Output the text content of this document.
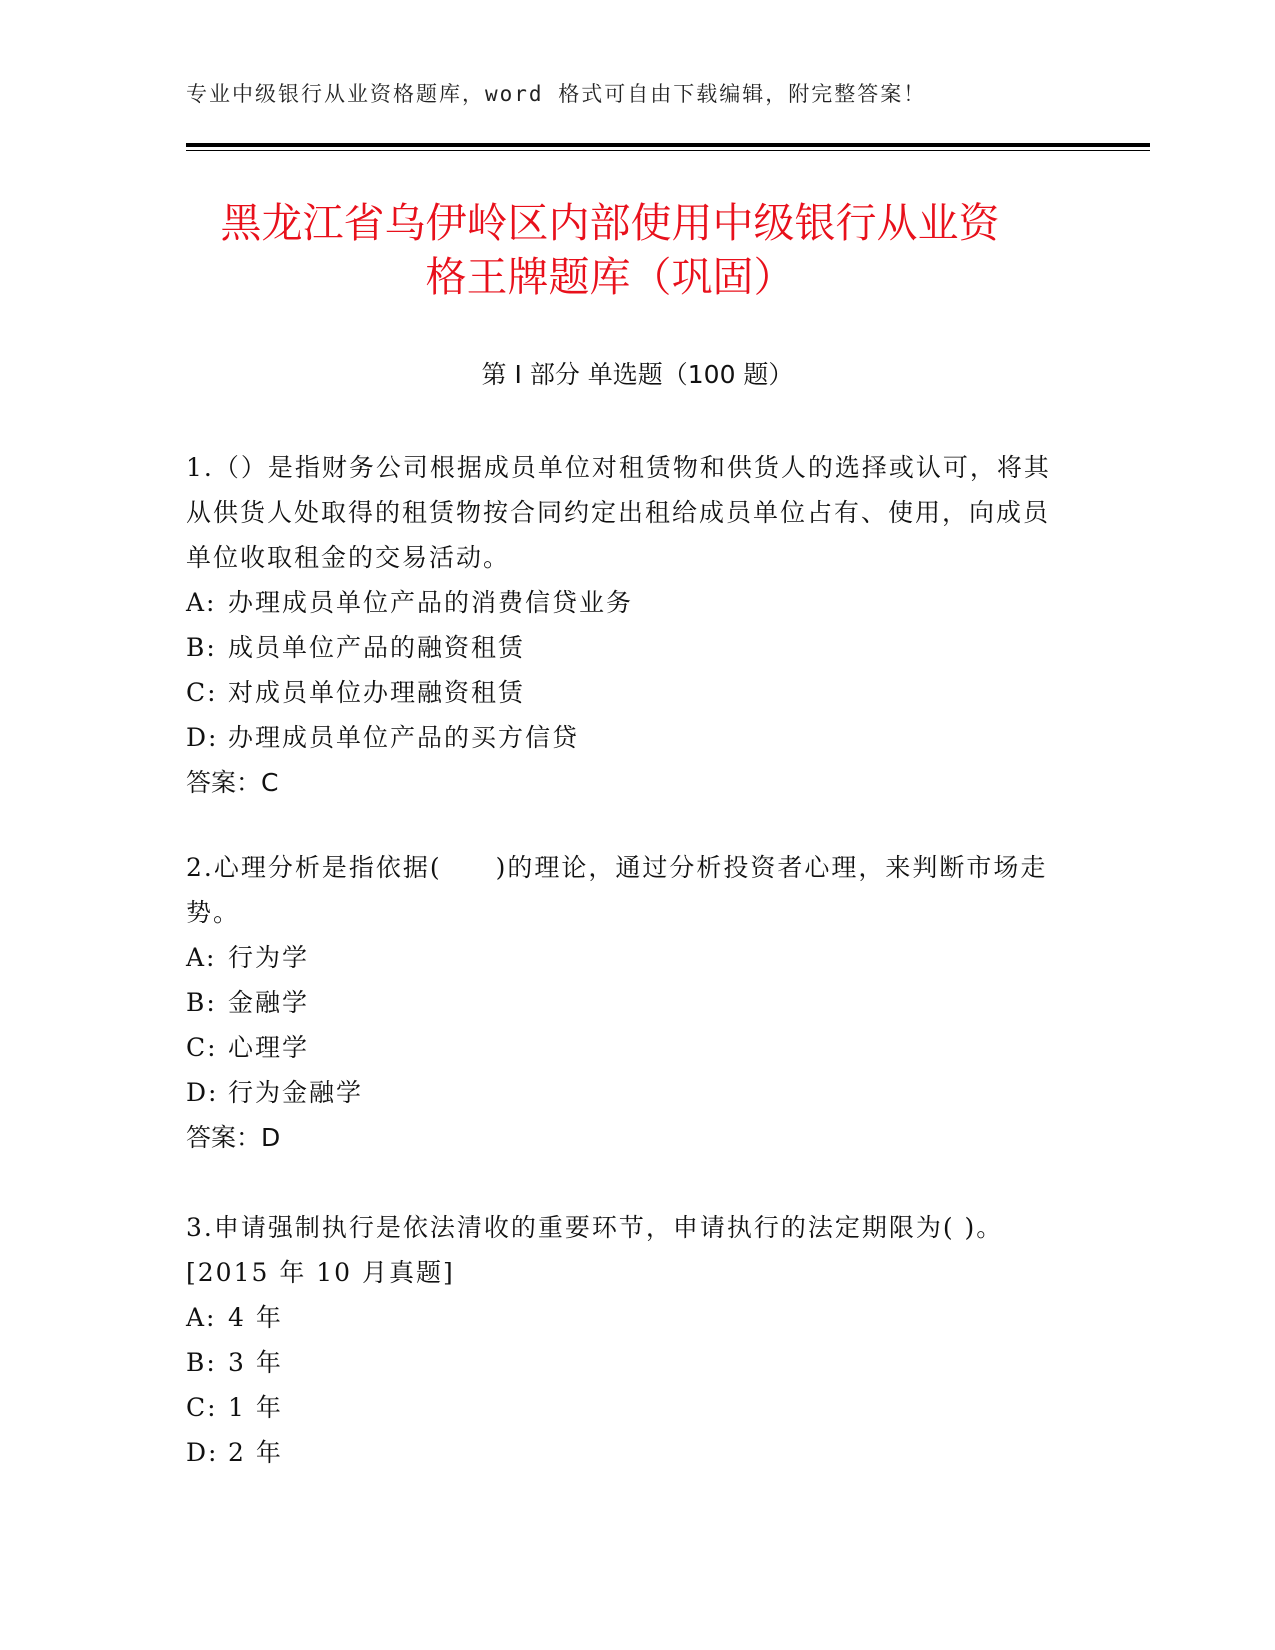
专业中级银行从业资格题库，word 格式可自由下载编辑，附完整答案！
黑龙江省乌伊岭区内部使用中级银行从业资
格王牌题库（巩固）
第 I 部分 单选题（100 题）

1.（）是指财务公司根据成员单位对租赁物和供货人的选择或认可，将其从供货人处取得的租赁物按合同约定出租给成员单位占有、使用，向成员单位收取租金的交易活动。

A: 办理成员单位产品的消费信贷业务

B: 成员单位产品的融资租赁

C: 对成员单位办理融资租赁

D: 办理成员单位产品的买方信贷

答案：C

2.心理分析是指依据(　　)的理论，通过分析投资者心理，来判断市场走势。

A: 行为学

B: 金融学

C: 心理学

D: 行为金融学

答案：D

3.申请强制执行是依法清收的重要环节，申请执行的法定期限为( )。[2015 年 10 月真题]

A: 4 年

B: 3 年

C: 1 年

D: 2 年
